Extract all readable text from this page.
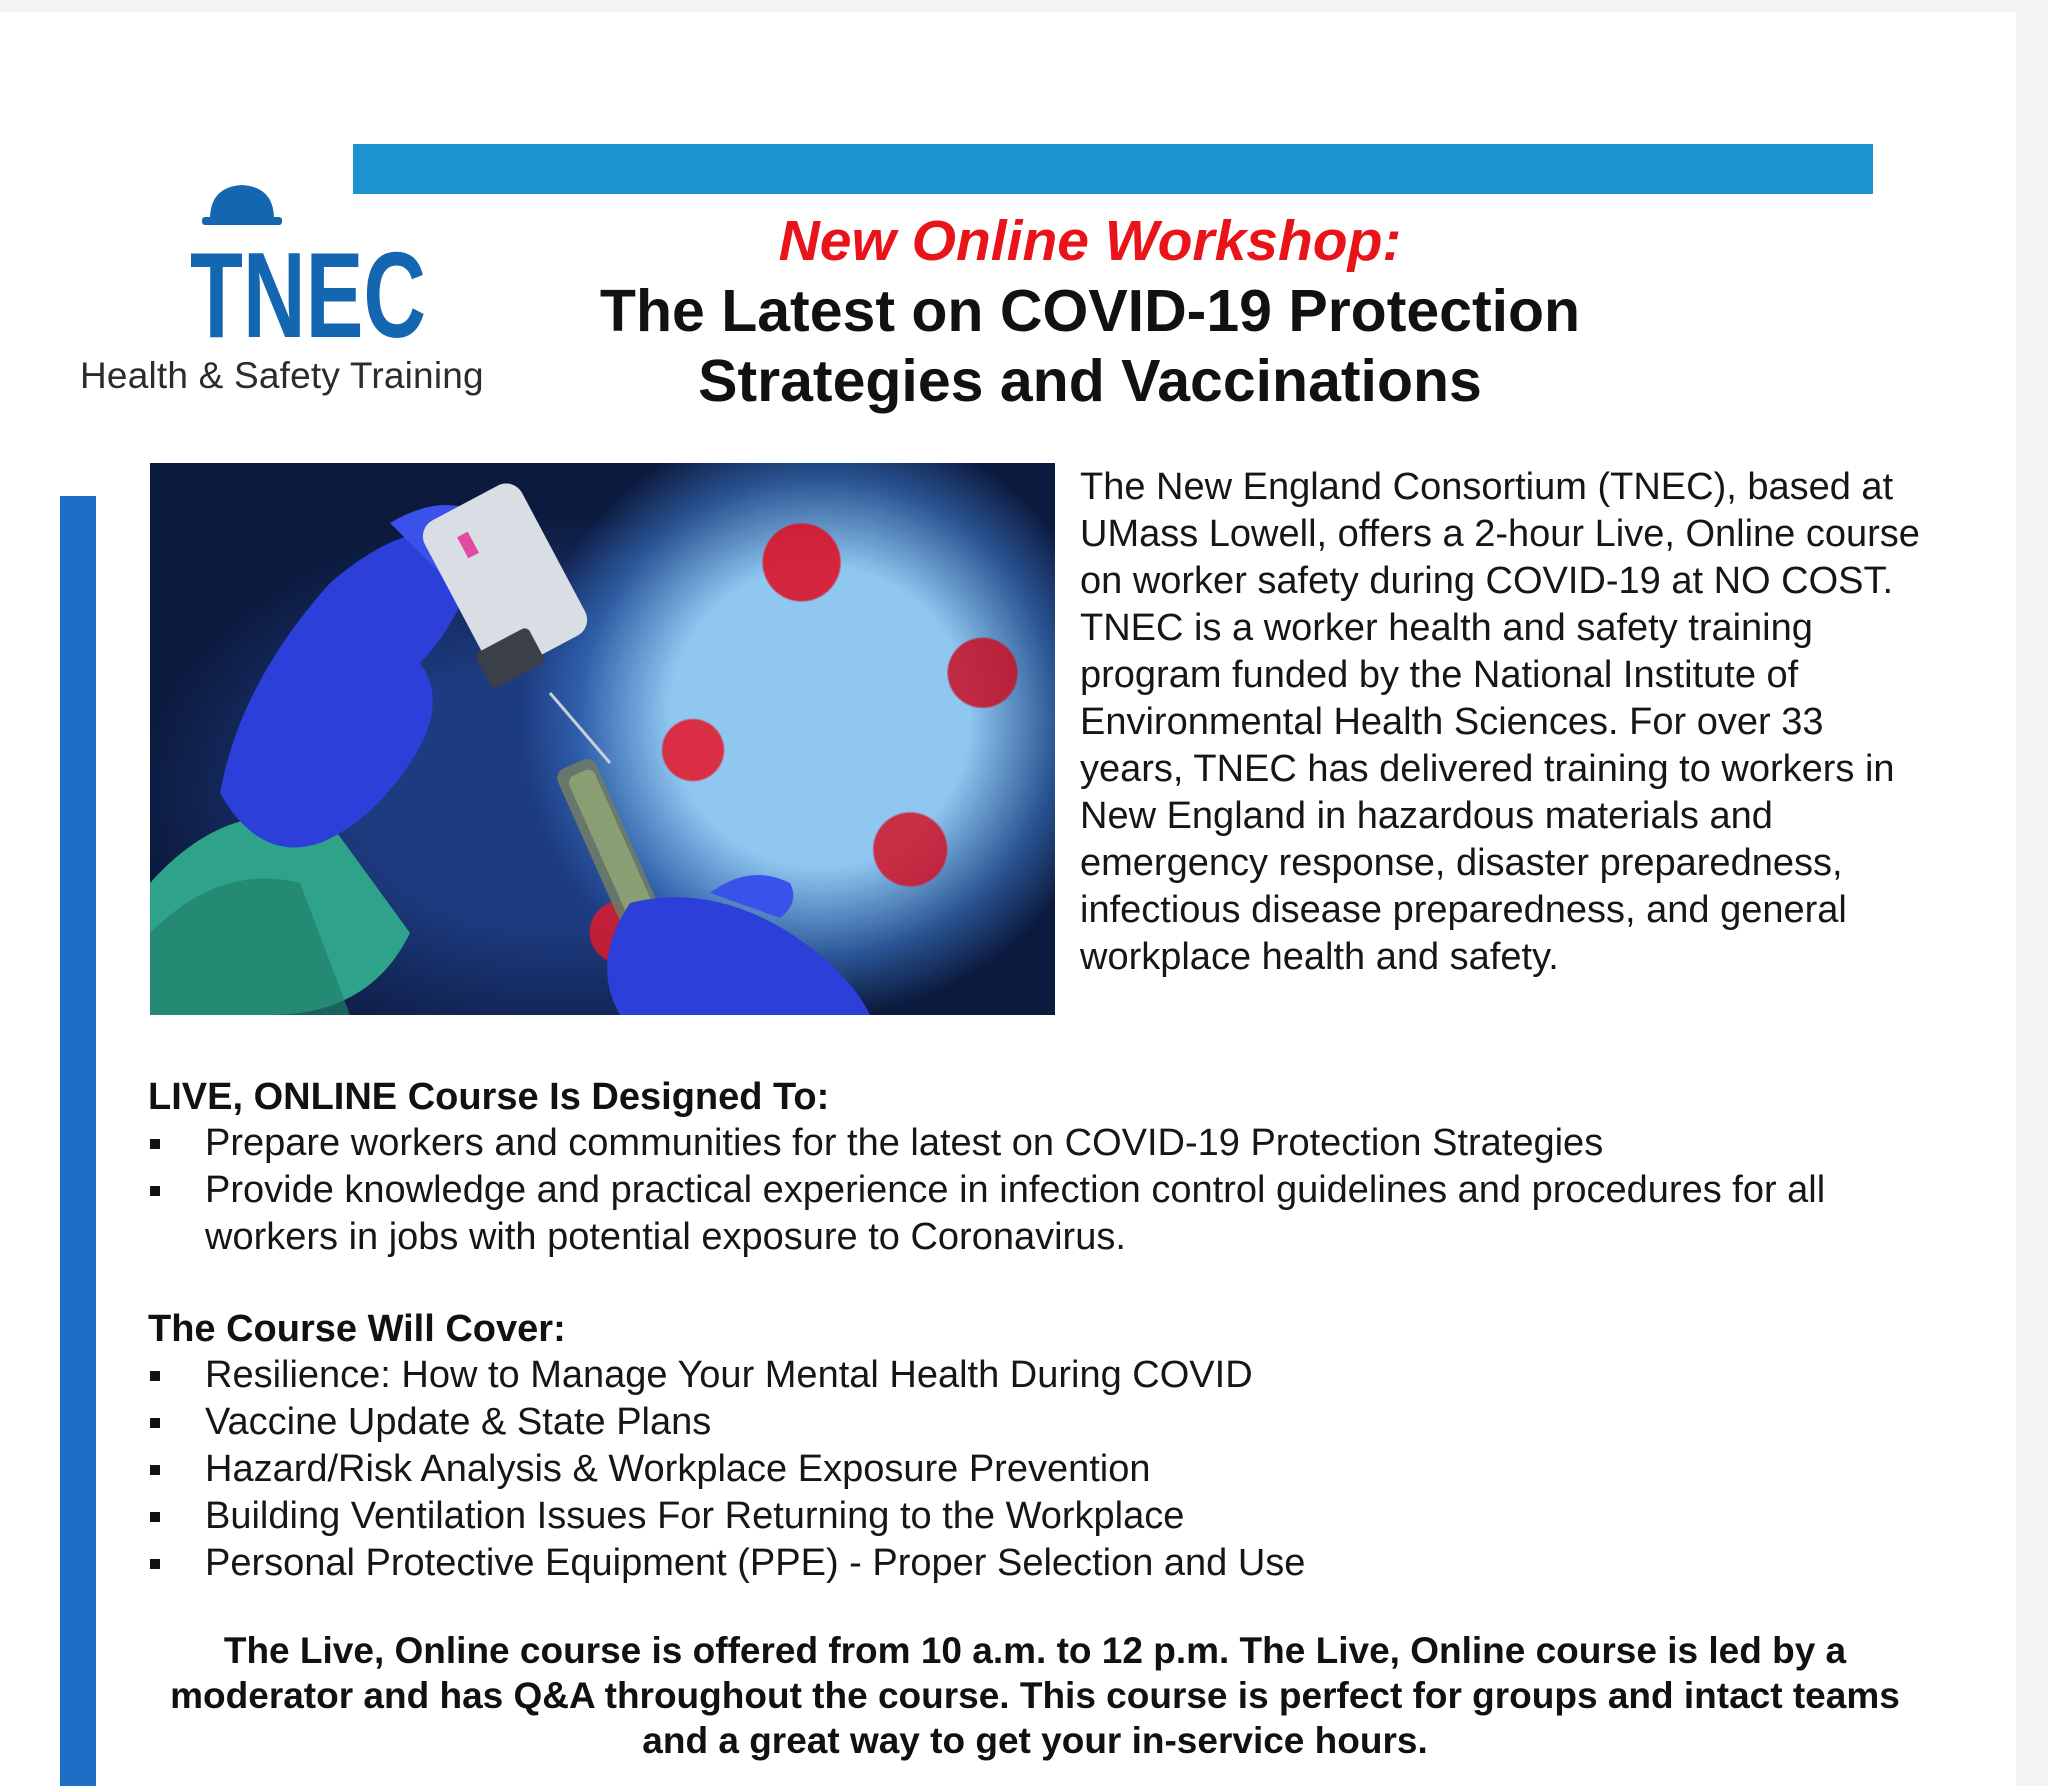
TNEC
Health & Safety Training
New Online Workshop:
The Latest on COVID-19 Protection
Strategies and Vaccinations
The New England Consortium (TNEC), based at UMass Lowell, offers a 2-hour Live, Online course on worker safety during COVID-19 at NO COST. TNEC is a worker health and safety training program funded by the National Institute of Environmental Health Sciences. For over 33 years, TNEC has delivered training to workers in New England in hazardous materials and emergency response, disaster preparedness, infectious disease preparedness, and general workplace health and safety.
LIVE, ONLINE Course Is Designed To:
Prepare workers and communities for the latest on COVID-19 Protection Strategies
Provide knowledge and practical experience in infection control guidelines and procedures for all workers in jobs with potential exposure to Coronavirus.
The Course Will Cover:
Resilience: How to Manage Your Mental Health During COVID
Vaccine Update & State Plans
Hazard/Risk Analysis & Workplace Exposure Prevention
Building Ventilation Issues For Returning to the Workplace
Personal Protective Equipment (PPE) - Proper Selection and Use
The Live, Online course is offered from 10 a.m. to 12 p.m. The Live, Online course is led by a moderator and has Q&A throughout the course. This course is perfect for groups and intact teams and a great way to get your in-service hours.
